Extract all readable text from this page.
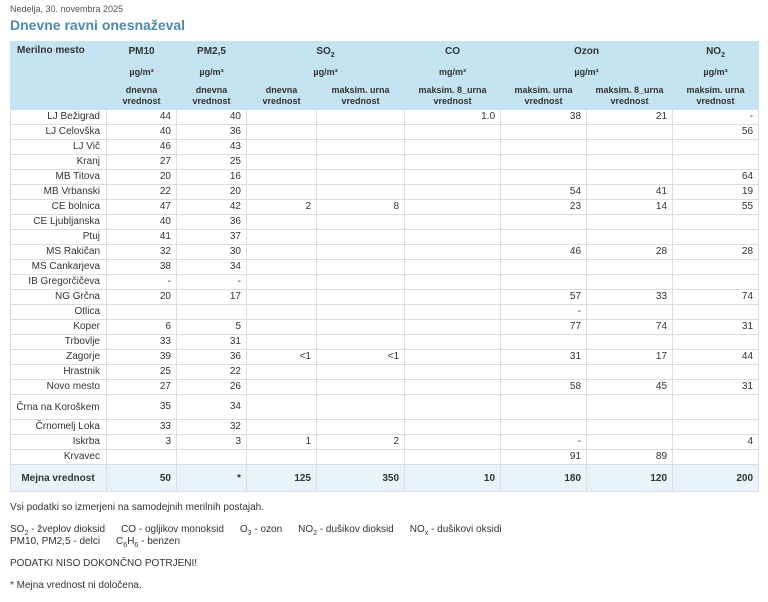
Nedelja, 30. novembra 2025
Dnevne ravni onesnaževal
Merilno mesto	PM10	PM2,5	$SO_2$		CO	Ozon		$NO_2$
	µg/m³	µg/m³	µg/m³		mg/m³	µg/m³		µg/m³
	dnevna vrednost	dnevna vrednost	dnevna vrednost	maksim. urna vrednost	maksim. 8_urna vrednost	maksim. urna vrednost	maksim. 8_urna vrednost	maksim. urna vrednost
LJ Bežigrad	44	40			1.0	38	21	-
LJ Celovška	40	36						56
LJ Vič	46	43						
Kranj	27	25						
MB Titova	20	16						64
MB Vrbanski	22	20				54	41	19
CE bolnica	47	42	2	8		23	14	55
CE Ljubljanska	40	36						
Ptuj	41	37						
MS Rakičan	32	30				46	28	28
MS Cankarjeva	38	34						
IB Gregorčičeva	-	-						
NG Grčna	20	17				57	33	74
Otlica						-		
Koper	6	5				77	74	31
Trbovlje	33	31						
Zagorje	39	36	<1	<1		31	17	44
Hrastnik	25	22						
Novo mesto	27	26				58	45	31
Črna na Koroškem	35	34						
Črnomelj Loka	33	32						
Iskrba	3	3	1	2		-		4
Krvavec						91	89	
Mejna vrednost	50	*	125	350	10	180	120	200

Vsi podatki so izmerjeni na samodejnih merilnih postajah.

$SO_2$ - žveplov dioksid CO - ogljikov monoksid $O_3$ - ozon $NO_2$ - dušikov dioksid $NO_x$ - dušikovi oksidi
PM10, PM2,5 - delci $C_6H_6$ - benzen

PODATKI NISO DOKONČNO POTRJENI!

* Mejna vrednost ni določena.
